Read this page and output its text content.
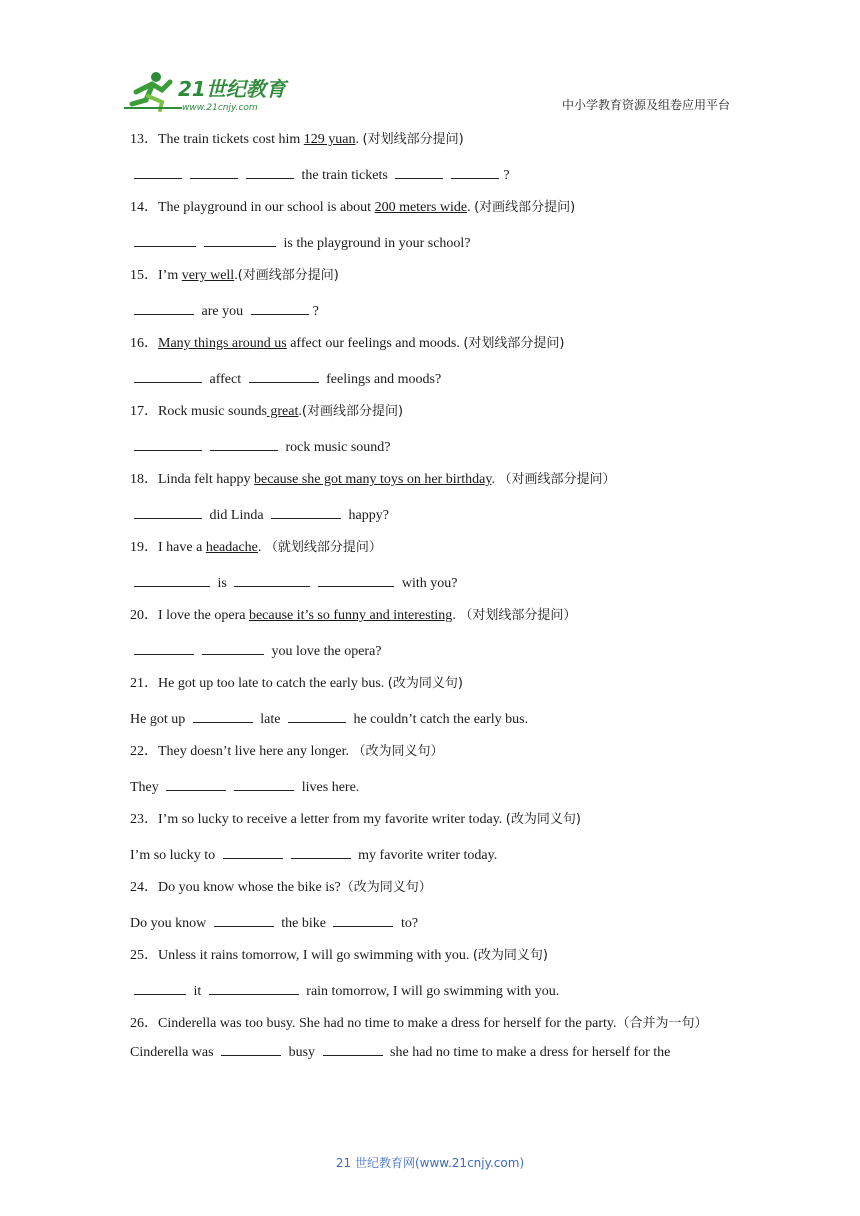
21世纪教育
www.21cnjy.com	中小学教育资源及组卷应用平台
13．The train tickets cost him 129 yuan. (对划线部分提问)
the train tickets	?
14．The playground in our school is about 200 meters wide. (对画线部分提问)
is the playground in your school?
15．I’m very well.(对画线部分提问)
are you	?
16．Many things around us affect our feelings and moods. (对划线部分提问)
affect	feelings and moods?
17．Rock music sounds great.(对画线部分提问)
rock music sound?
18．Linda felt happy because she got many toys on her birthday. （对画线部分提问）
did Linda	happy?
19．I have a headache. （就划线部分提问）
is	with you?
20．I love the opera because it’s so funny and interesting. （对划线部分提问）
you love the opera?
21．He got up too late to catch the early bus. (改为同义句)
He got up	late	he couldn’t catch the early bus.
22．They doesn’t live here any longer. （改为同义句）
They	lives here.
23．I’m so lucky to receive a letter from my favorite writer today. (改为同义句)
I’m so lucky to	my favorite writer today.
24．Do you know whose the bike is?（改为同义句）
Do you know	the bike	to?
25．Unless it rains tomorrow, I will go swimming with you. (改为同义句)
it	rain tomorrow, I will go swimming with you.
26．Cinderella was too busy. She had no time to make a dress for herself for the party.（合并为一句）
Cinderella was	busy	she had no time to make a dress for herself for the
21 世纪教育网(www.21cnjy.com)
